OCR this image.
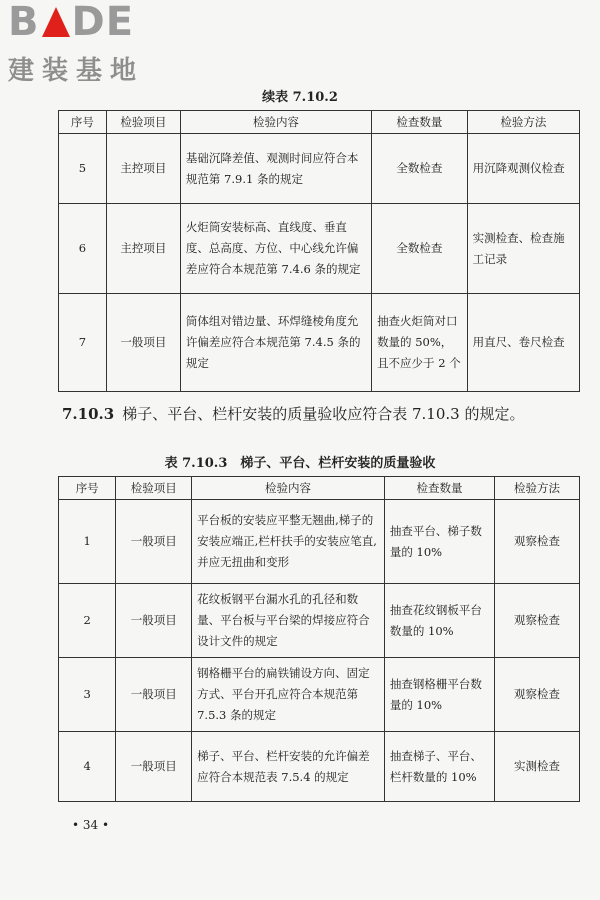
B DE
建装基地
续表 7.10.2
序号	检验项目	检验内容	检查数量	检验方法
5	主控项目	基础沉降差值、观测时间应符合本规范第 7.9.1 条的规定	全数检查	用沉降观测仪检查
6	主控项目	火炬筒安装标高、直线度、垂直度、总高度、方位、中心线允许偏差应符合本规范第 7.4.6 条的规定	全数检查	实测检查、检查施工记录
7	一般项目	筒体组对错边量、环焊缝棱角度允许偏差应符合本规范第 7.4.5 条的规定	抽查火炬筒对口数量的 50%，且不应少于 2 个	用直尺、卷尺检查
7.10.3 梯子、平台、栏杆安装的质量验收应符合表 7.10.3 的规定。
表 7.10.3　梯子、平台、栏杆安装的质量验收
序号	检验项目	检验内容	检查数量	检验方法
1	一般项目	平台板的安装应平整无翘曲,梯子的安装应端正,栏杆扶手的安装应笔直,并应无扭曲和变形	抽查平台、梯子数量的 10%	观察检查
2	一般项目	花纹板钢平台漏水孔的孔径和数量、平台板与平台梁的焊接应符合设计文件的规定	抽查花纹钢板平台数量的 10%	观察检查
3	一般项目	钢格栅平台的扁铁铺设方向、固定方式、平台开孔应符合本规范第 7.5.3 条的规定	抽查钢格栅平台数量的 10%	观察检查
4	一般项目	梯子、平台、栏杆安装的允许偏差应符合本规范表 7.5.4 的规定	抽查梯子、平台、栏杆数量的 10%	实测检查
• 34 •
